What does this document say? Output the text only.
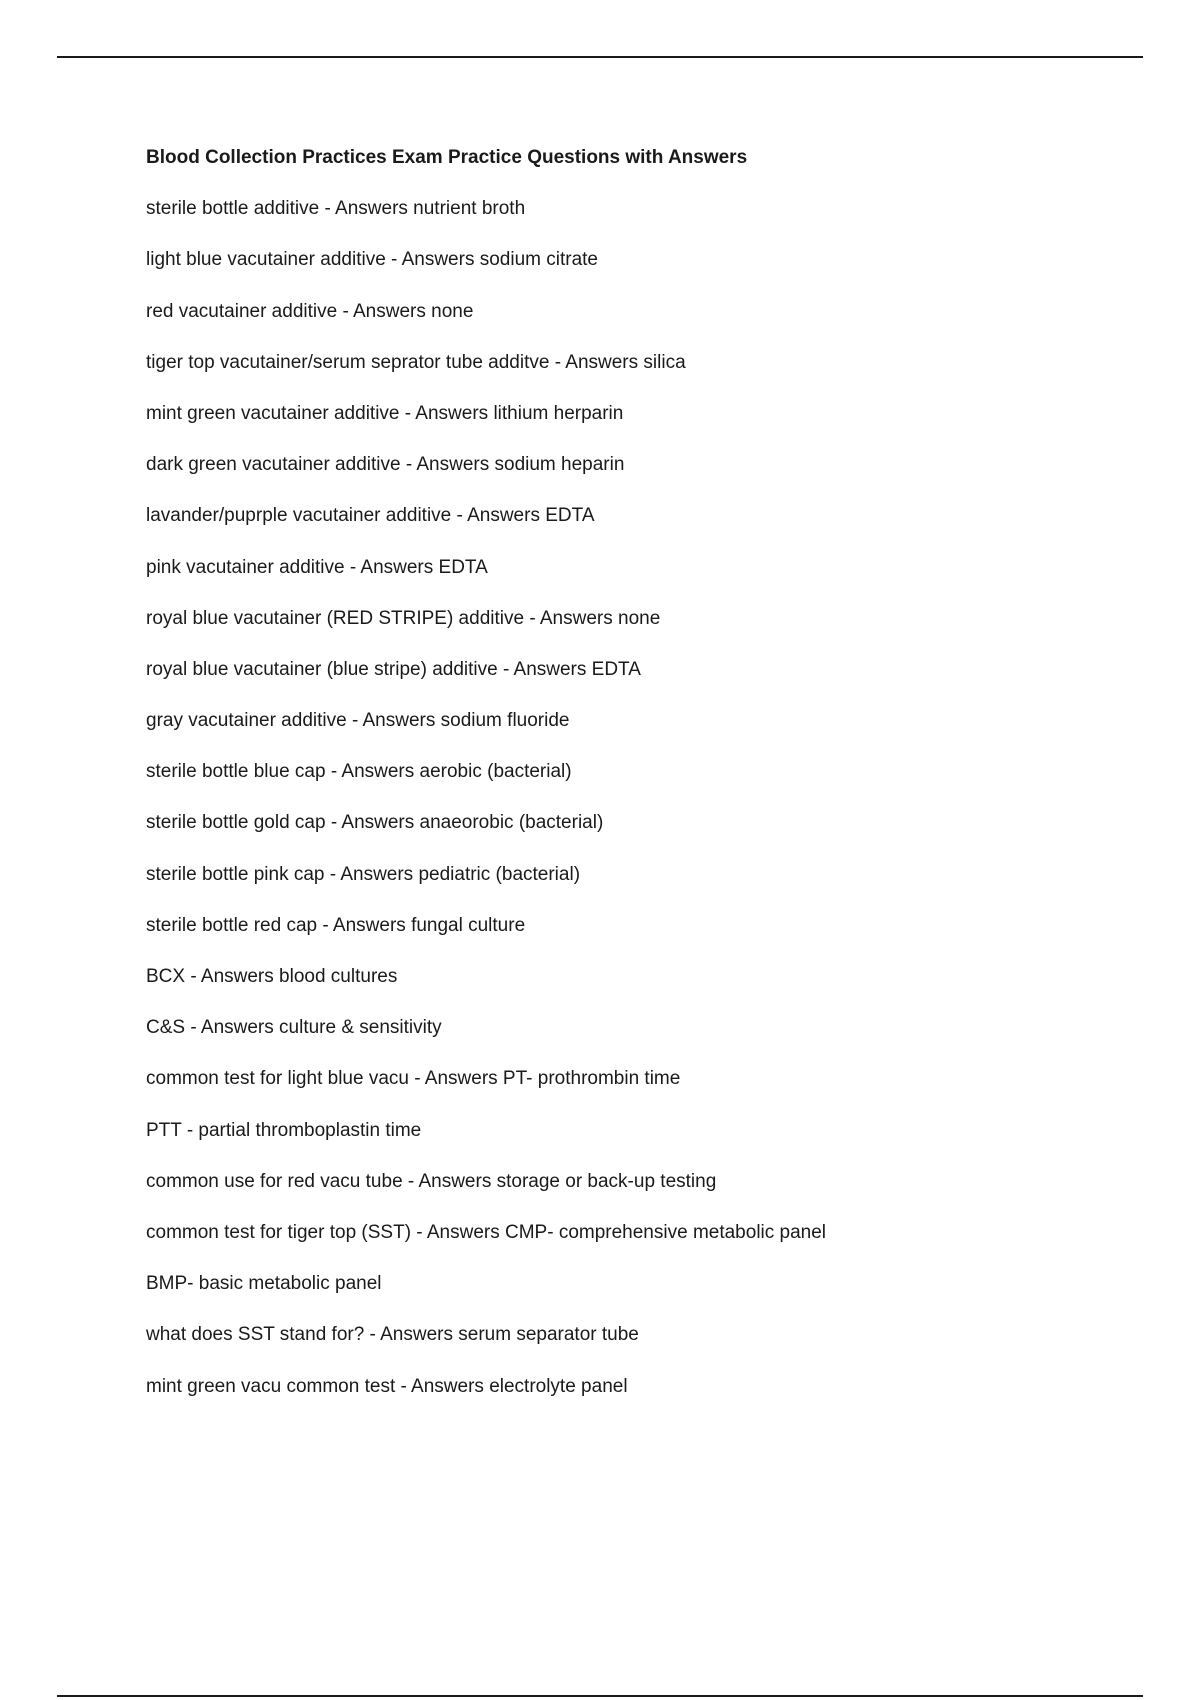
Blood Collection Practices Exam Practice Questions with Answers
sterile bottle additive - Answers nutrient broth
light blue vacutainer additive - Answers sodium citrate
red vacutainer additive - Answers none
tiger top vacutainer/serum seprator tube additve - Answers silica
mint green vacutainer additive - Answers lithium herparin
dark green vacutainer additive - Answers sodium heparin
lavander/puprple vacutainer additive - Answers EDTA
pink vacutainer additive - Answers EDTA
royal blue vacutainer (RED STRIPE) additive - Answers none
royal blue vacutainer (blue stripe) additive - Answers EDTA
gray vacutainer additive - Answers sodium fluoride
sterile bottle blue cap - Answers aerobic (bacterial)
sterile bottle gold cap - Answers anaeorobic (bacterial)
sterile bottle pink cap - Answers pediatric (bacterial)
sterile bottle red cap - Answers fungal culture
BCX - Answers blood cultures
C&S - Answers culture & sensitivity
common test for light blue vacu - Answers PT- prothrombin time
PTT - partial thromboplastin time
common use for red vacu tube - Answers storage or back-up testing
common test for tiger top (SST) - Answers CMP- comprehensive metabolic panel
BMP- basic metabolic panel
what does SST stand for? - Answers serum separator tube
mint green vacu common test - Answers electrolyte panel
